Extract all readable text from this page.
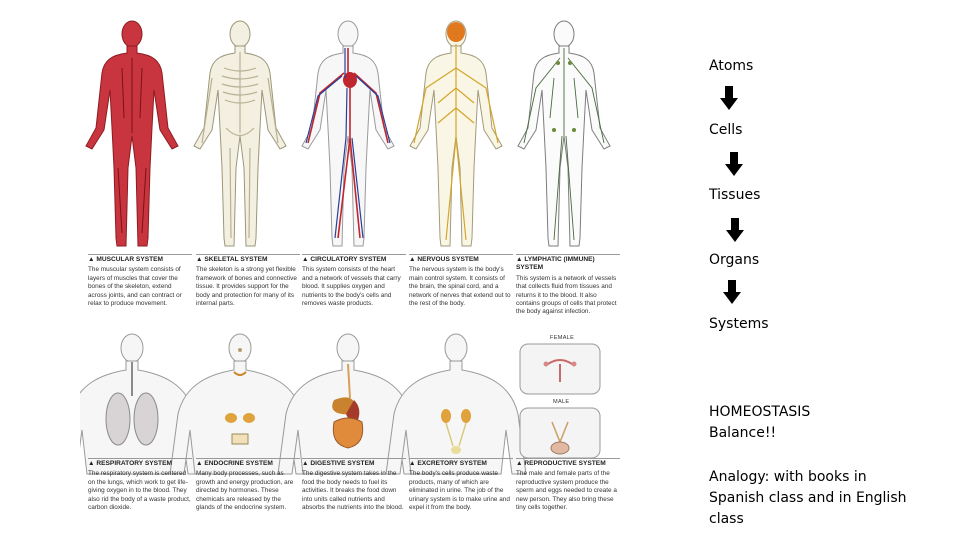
▲ MUSCULAR SYSTEM
The muscular system consists of layers of muscles that cover the bones of the skeleton, extend across joints, and can contract or relax to produce movement.
▲ SKELETAL SYSTEM
The skeleton is a strong yet flexible framework of bones and connective tissue. It provides support for the body and protection for many of its internal parts.
▲ CIRCULATORY SYSTEM
This system consists of the heart and a network of vessels that carry blood. It supplies oxygen and nutrients to the body's cells and removes waste products.
▲ NERVOUS SYSTEM
The nervous system is the body's main control system. It consists of the brain, the spinal cord, and a network of nerves that extend out to the rest of the body.
▲ LYMPHATIC (IMMUNE) SYSTEM
This system is a network of vessels that collects fluid from tissues and returns it to the blood. It also contains groups of cells that protect the body against infection.
▲ RESPIRATORY SYSTEM
The respiratory system is centered on the lungs, which work to get life-giving oxygen in to the blood. They also rid the body of a waste product, carbon dioxide.
▲ ENDOCRINE SYSTEM
Many body processes, such as growth and energy production, are directed by hormones. These chemicals are released by the glands of the endocrine system.
▲ DIGESTIVE SYSTEM
The digestive system takes in the food the body needs to fuel its activities. It breaks the food down into units called nutrients and absorbs the nutrients into the blood.
▲ EXCRETORY SYSTEM
The body's cells produce waste products, many of which are eliminated in urine. The job of the urinary system is to make urine and expel it from the body.
▲ REPRODUCTIVE SYSTEM
The male and female parts of the reproductive system produce the sperm and eggs needed to create a new person. They also bring these tiny cells together.
FEMALE
MALE
Atoms
Cells
Tissues
Organs
Systems
HOMEOSTASIS
Balance!!
Analogy: with books in
Spanish class and in English
class
